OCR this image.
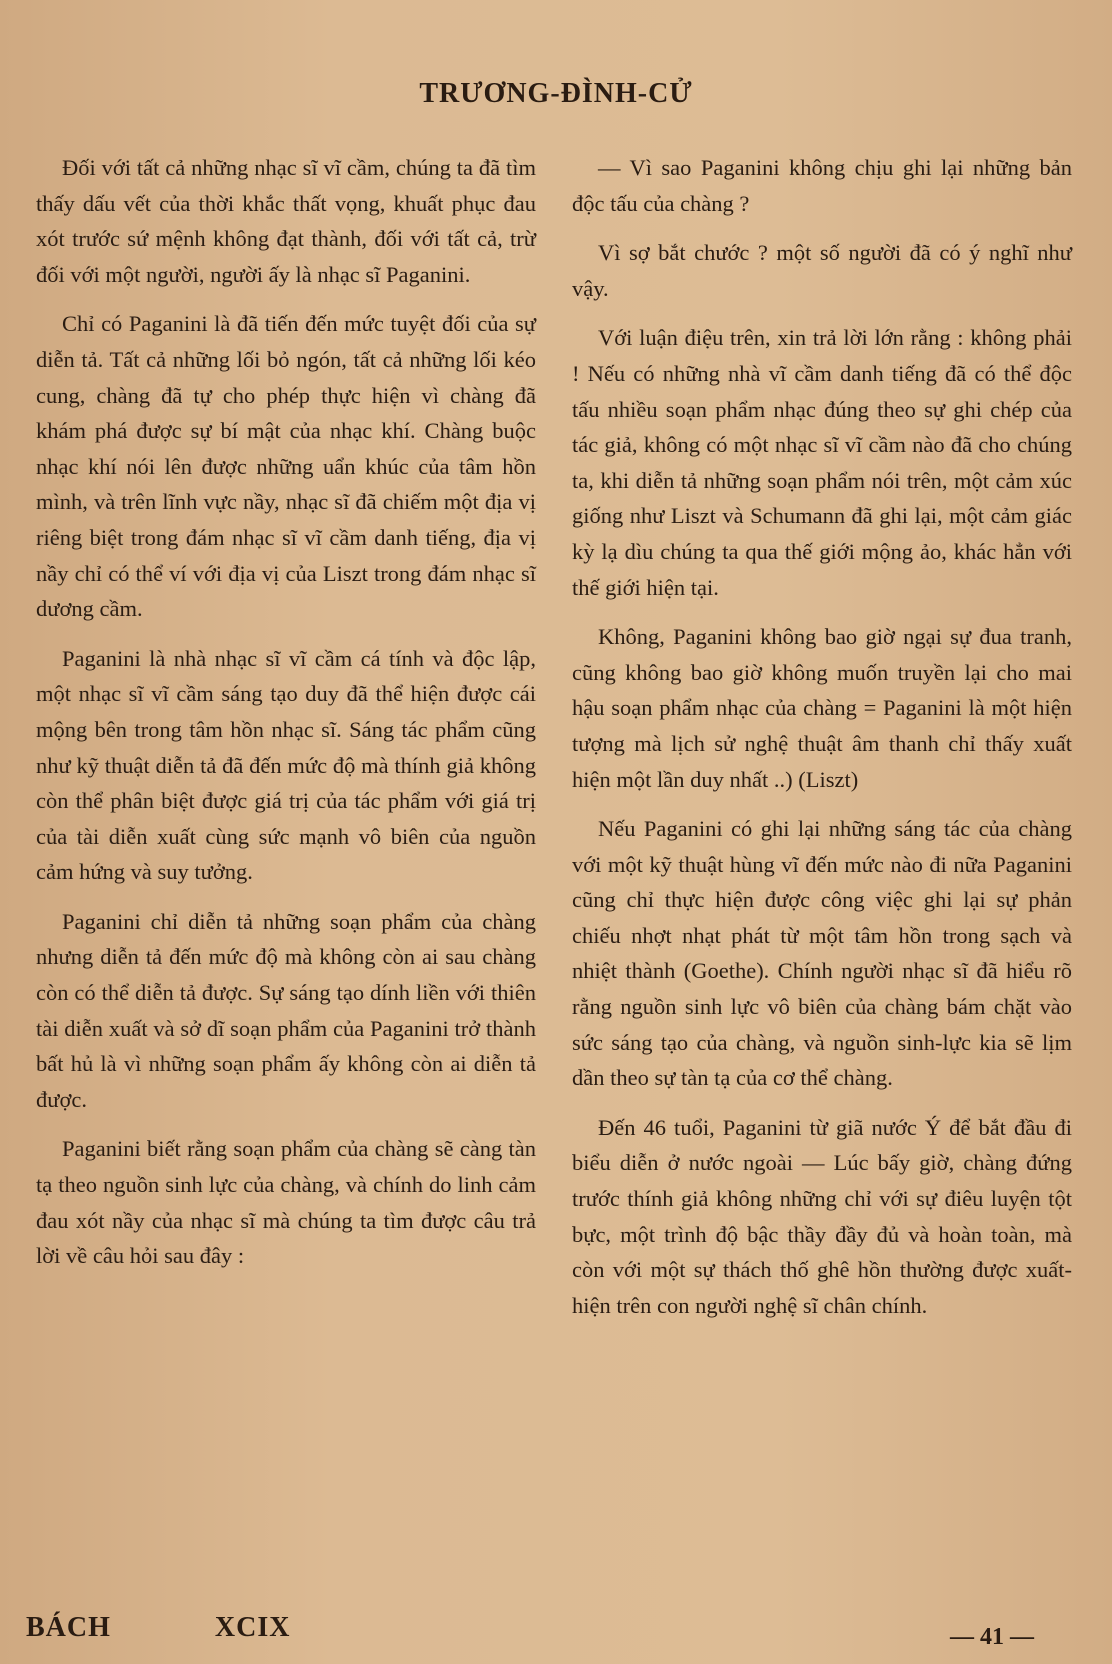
TRƯƠNG-ĐÌNH-CỬ

Đối với tất cả những nhạc sĩ vĩ cầm, chúng ta đã tìm thấy dấu vết của thời khắc thất vọng, khuất phục đau xót trước sứ mệnh không đạt thành, đối với tất cả, trừ đối với một người, người ấy là nhạc sĩ Paganini.

Chỉ có Paganini là đã tiến đến mức tuyệt đối của sự diễn tả. Tất cả những lối bỏ ngón, tất cả những lối kéo cung, chàng đã tự cho phép thực hiện vì chàng đã khám phá được sự bí mật của nhạc khí. Chàng buộc nhạc khí nói lên được những uẩn khúc của tâm hồn mình, và trên lĩnh vực nầy, nhạc sĩ đã chiếm một địa vị riêng biệt trong đám nhạc sĩ vĩ cầm danh tiếng, địa vị nầy chỉ có thể ví với địa vị của Liszt trong đám nhạc sĩ dương cầm.

Paganini là nhà nhạc sĩ vĩ cầm cá tính và độc lập, một nhạc sĩ vĩ cầm sáng tạo duy đã thể hiện được cái mộng bên trong tâm hồn nhạc sĩ. Sáng tác phẩm cũng như kỹ thuật diễn tả đã đến mức độ mà thính giả không còn thể phân biệt được giá trị của tác phẩm với giá trị của tài diễn xuất cùng sức mạnh vô biên của nguồn cảm hứng và suy tưởng.

Paganini chỉ diễn tả những soạn phẩm của chàng nhưng diễn tả đến mức độ mà không còn ai sau chàng còn có thể diễn tả được. Sự sáng tạo dính liền với thiên tài diễn xuất và sở dĩ soạn phẩm của Paganini trở thành bất hủ là vì những soạn phẩm ấy không còn ai diễn tả được.

Paganini biết rằng soạn phẩm của chàng sẽ càng tàn tạ theo nguồn sinh lực của chàng, và chính do linh cảm đau xót nầy của nhạc sĩ mà chúng ta tìm được câu trả lời về câu hỏi sau đây :

— Vì sao Paganini không chịu ghi lại những bản độc tấu của chàng ?

Vì sợ bắt chước ? một số người đã có ý nghĩ như vậy.

Với luận điệu trên, xin trả lời lớn rằng : không phải ! Nếu có những nhà vĩ cầm danh tiếng đã có thể độc tấu nhiều soạn phẩm nhạc đúng theo sự ghi chép của tác giả, không có một nhạc sĩ vĩ cầm nào đã cho chúng ta, khi diễn tả những soạn phẩm nói trên, một cảm xúc giống như Liszt và Schumann đã ghi lại, một cảm giác kỳ lạ dìu chúng ta qua thế giới mộng ảo, khác hẳn với thế giới hiện tại.

Không, Paganini không bao giờ ngại sự đua tranh, cũng không bao giờ không muốn truyền lại cho mai hậu soạn phẩm nhạc của chàng = Paganini là một hiện tượng mà lịch sử nghệ thuật âm thanh chỉ thấy xuất hiện một lần duy nhất ..) (Liszt)

Nếu Paganini có ghi lại những sáng tác của chàng với một kỹ thuật hùng vĩ đến mức nào đi nữa Paganini cũng chỉ thực hiện được công việc ghi lại sự phản chiếu nhợt nhạt phát từ một tâm hồn trong sạch và nhiệt thành (Goethe). Chính người nhạc sĩ đã hiểu rõ rằng nguồn sinh lực vô biên của chàng bám chặt vào sức sáng tạo của chàng, và nguồn sinh-lực kia sẽ lịm dần theo sự tàn tạ của cơ thể chàng.

Đến 46 tuổi, Paganini từ giã nước Ý để bắt đầu đi biểu diễn ở nước ngoài — Lúc bấy giờ, chàng đứng trước thính giả không những chỉ với sự điêu luyện tột bực, một trình độ bậc thầy đầy đủ và hoàn toàn, mà còn với một sự thách thố ghê hồn thường được xuất-hiện trên con người nghệ sĩ chân chính.

BÁCH	XCIX	— 41 —
